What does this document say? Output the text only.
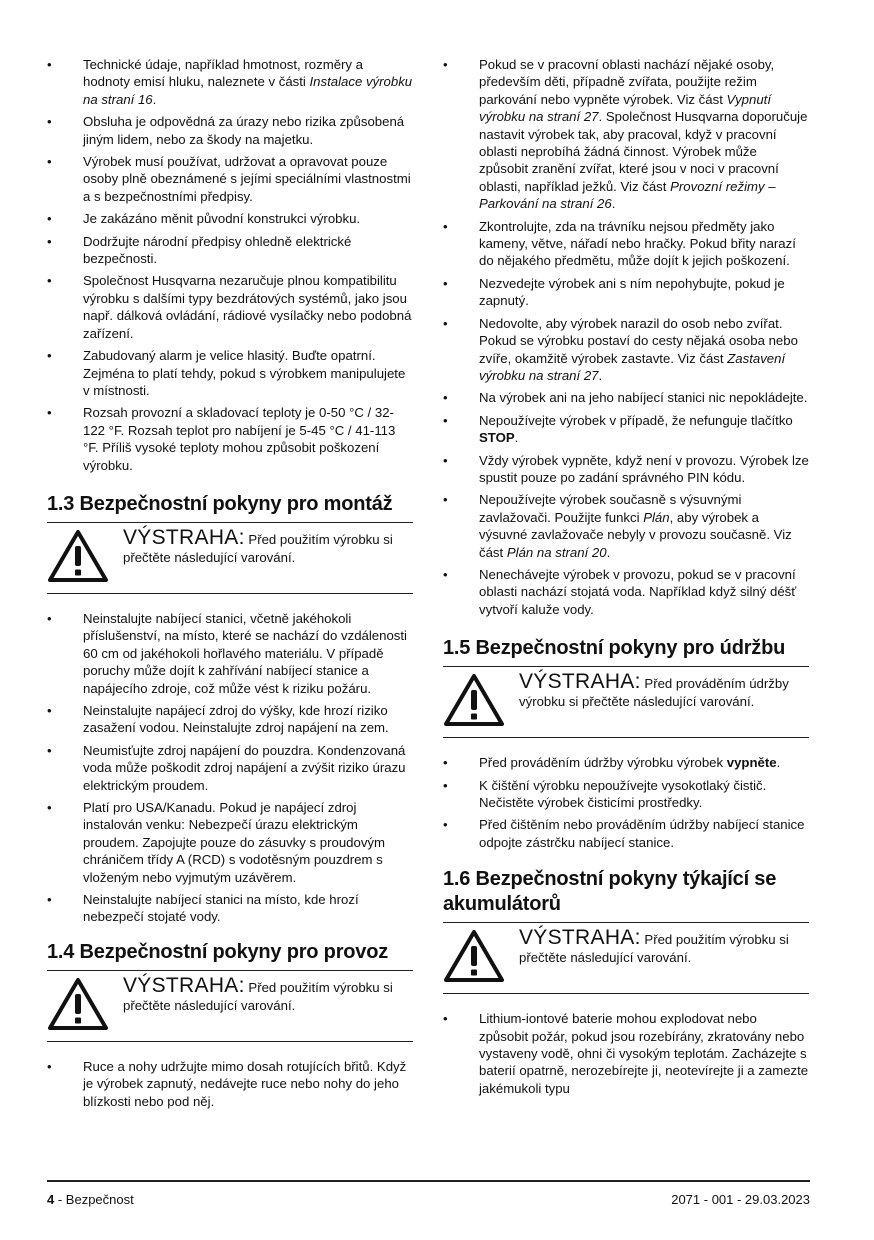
• Technické údaje, například hmotnost, rozměry a hodnoty emisí hluku, naleznete v části Instalace výrobku na straní 16.
• Obsluha je odpovědná za úrazy nebo rizika způsobená jiným lidem, nebo za škody na majetku.
• Výrobek musí používat, udržovat a opravovat pouze osoby plně obeznámené s jejími speciálními vlastnostmi a s bezpečnostními předpisy.
• Je zakázáno měnit původní konstrukci výrobku.
• Dodržujte národní předpisy ohledně elektrické bezpečnosti.
• Společnost Husqvarna nezaručuje plnou kompatibilitu výrobku s dalšími typy bezdrátových systémů, jako jsou např. dálková ovládání, rádiové vysílačky nebo podobná zařízení.
• Zabudovaný alarm je velice hlasitý. Buďte opatrní. Zejména to platí tehdy, pokud s výrobkem manipulujete v místnosti.
• Rozsah provozní a skladovací teploty je 0-50 °C / 32-122 °F. Rozsah teplot pro nabíjení je 5-45 °C / 41-113 °F. Příliš vysoké teploty mohou způsobit poškození výrobku.
1.3 Bezpečnostní pokyny pro montáž
VÝSTRAHA: Před použitím výrobku si přečtěte následující varování.
• Neinstalujte nabíjecí stanici, včetně jakéhokoli příslušenství, na místo, které se nachází do vzdálenosti 60 cm od jakéhokoli hořlavého materiálu. V případě poruchy může dojít k zahřívání nabíjecí stanice a napájecího zdroje, což může vést k riziku požáru.
• Neinstalujte napájecí zdroj do výšky, kde hrozí riziko zasažení vodou. Neinstalujte zdroj napájení na zem.
• Neumisťujte zdroj napájení do pouzdra. Kondenzovaná voda může poškodit zdroj napájení a zvýšit riziko úrazu elektrickým proudem.
• Platí pro USA/Kanadu. Pokud je napájecí zdroj instalován venku: Nebezpečí úrazu elektrickým proudem. Zapojujte pouze do zásuvky s proudovým chráničem třídy A (RCD) s vodotěsným pouzdrem s vloženým nebo vyjmutým uzávěrem.
• Neinstalujte nabíjecí stanici na místo, kde hrozí nebezpečí stojaté vody.
1.4 Bezpečnostní pokyny pro provoz
VÝSTRAHA: Před použitím výrobku si přečtěte následující varování.
• Ruce a nohy udržujte mimo dosah rotujících břitů. Když je výrobek zapnutý, nedávejte ruce nebo nohy do jeho blízkosti nebo pod něj.
• Pokud se v pracovní oblasti nachází nějaké osoby, především děti, případně zvířata, použijte režim parkování nebo vypněte výrobek. Viz část Vypnutí výrobku na straní 27. Společnost Husqvarna doporučuje nastavit výrobek tak, aby pracoval, když v pracovní oblasti neprobíhá žádná činnost. Výrobek může způsobit zranění zvířat, které jsou v noci v pracovní oblasti, například ježků. Viz část Provozní režimy – Parkování na straní 26.
• Zkontrolujte, zda na trávníku nejsou předměty jako kameny, větve, nářadí nebo hračky. Pokud břity narazí do nějakého předmětu, může dojít k jejich poškození.
• Nezvedejte výrobek ani s ním nepohybujte, pokud je zapnutý.
• Nedovolte, aby výrobek narazil do osob nebo zvířat. Pokud se výrobku postaví do cesty nějaká osoba nebo zvíře, okamžitě výrobek zastavte. Viz část Zastavení výrobku na straní 27.
• Na výrobek ani na jeho nabíjecí stanici nic nepokládejte.
• Nepoužívejte výrobek v případě, že nefunguje tlačítko STOP.
• Vždy výrobek vypněte, když není v provozu. Výrobek lze spustit pouze po zadání správného PIN kódu.
• Nepoužívejte výrobek současně s výsuvnými zavlažovači. Použijte funkci Plán, aby výrobek a výsuvné zavlažovače nebyly v provozu současně. Viz část Plán na straní 20.
• Nenechávejte výrobek v provozu, pokud se v pracovní oblasti nachází stojatá voda. Například když silný déšť vytvoří kaluže vody.
1.5 Bezpečnostní pokyny pro údržbu
VÝSTRAHA: Před prováděním údržby výrobku si přečtěte následující varování.
• Před prováděním údržby výrobku výrobek vypněte.
• K čištění výrobku nepoužívejte vysokotlaký čistič. Nečistěte výrobek čisticími prostředky.
• Před čištěním nebo prováděním údržby nabíjecí stanice odpojte zástrčku nabíjecí stanice.
1.6 Bezpečnostní pokyny týkající se akumulátorů
VÝSTRAHA: Před použitím výrobku si přečtěte následující varování.
• Lithium-iontové baterie mohou explodovat nebo způsobit požár, pokud jsou rozebírány, zkratovány nebo vystaveny vodě, ohni či vysokým teplotám. Zacházejte s baterií opatrně, nerozebírejte ji, neotevírejte ji a zamezte jakémukoli typu
4 - Bezpečnost	2071 - 001 - 29.03.2023
